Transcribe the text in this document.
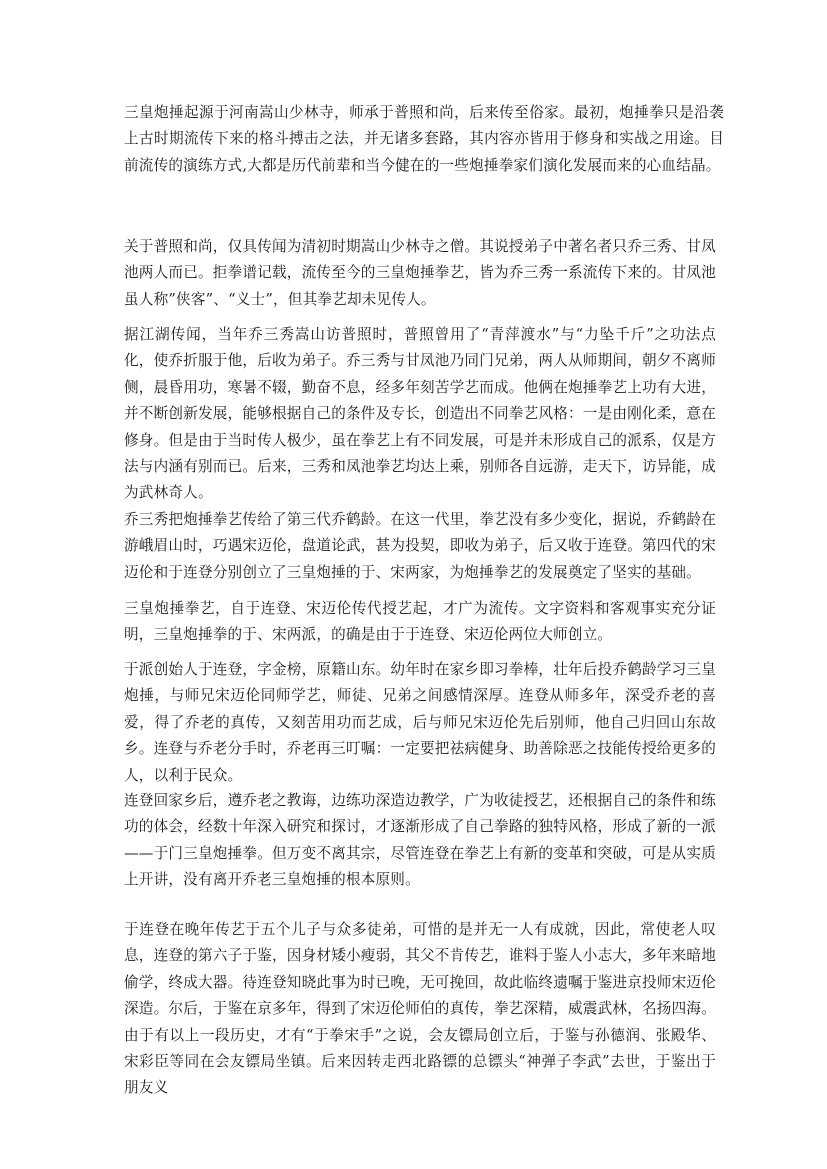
三皇炮捶起源于河南嵩山少林寺，师承于普照和尚，后来传至俗家。最初，炮捶拳只是沿袭上古时期流传下来的格斗搏击之法，并无诸多套路，其内容亦皆用于修身和实战之用途。目前流传的演练方式,大都是历代前辈和当今健在的一些炮捶拳家们演化发展而来的心血结晶。

关于普照和尚，仅具传闻为清初时期嵩山少林寺之僧。其说授弟子中著名者只乔三秀、甘凤池两人而已。拒拳谱记载，流传至今的三皇炮捶拳艺，皆为乔三秀一系流传下来的。甘凤池虽人称”侠客”、“义士”，但其拳艺却未见传人。

据江湖传闻，当年乔三秀嵩山访普照时，普照曾用了“青萍渡水”与“力坠千斤”之功法点化，使乔折服于他，后收为弟子。乔三秀与甘凤池乃同门兄弟，两人从师期间，朝夕不离师侧，晨昏用功，寒暑不辍，勤奋不息，经多年刻苦学艺而成。他俩在炮捶拳艺上功有大进，并不断创新发展，能够根据自己的条件及专长，创造出不同拳艺风格：一是由刚化柔，意在修身。但是由于当时传人极少，虽在拳艺上有不同发展，可是并未形成自己的派系，仅是方法与内涵有别而已。后来，三秀和凤池拳艺均达上乘，别师各自远游，走天下，访异能，成为武林奇人。

乔三秀把炮捶拳艺传给了第三代乔鹤龄。在这一代里，拳艺没有多少变化，据说，乔鹤龄在游峨眉山时，巧遇宋迈伦，盘道论武，甚为投契，即收为弟子，后又收于连登。第四代的宋迈伦和于连登分别创立了三皇炮捶的于、宋两家，为炮捶拳艺的发展奠定了坚实的基础。

三皇炮捶拳艺，自于连登、宋迈伦传代授艺起，才广为流传。文字资料和客观事实充分证明，三皇炮捶拳的于、宋两派，的确是由于于连登、宋迈伦两位大师创立。

于派创始人于连登，字金榜，原籍山东。幼年时在家乡即习拳棒，壮年后投乔鹤龄学习三皇炮捶，与师兄宋迈伦同师学艺，师徒、兄弟之间感情深厚。连登从师多年，深受乔老的喜爱，得了乔老的真传，又刻苦用功而艺成，后与师兄宋迈伦先后别师，他自己归回山东故乡。连登与乔老分手时，乔老再三叮嘱：一定要把祛病健身、助善除恶之技能传授给更多的人，以利于民众。

连登回家乡后，遵乔老之教诲，边练功深造边教学，广为收徒授艺，还根据自己的条件和练功的体会，经数十年深入研究和探讨，才逐渐形成了自己拳路的独特风格，形成了新的一派——于门三皇炮捶拳。但万变不离其宗，尽管连登在拳艺上有新的变革和突破，可是从实质上开讲，没有离开乔老三皇炮捶的根本原则。

于连登在晚年传艺于五个儿子与众多徒弟，可惜的是并无一人有成就，因此，常使老人叹息，连登的第六子于鉴，因身材矮小瘦弱，其父不肯传艺，谁料于鉴人小志大，多年来暗地偷学，终成大器。待连登知晓此事为时已晚，无可挽回，故此临终遗嘱于鉴进京投师宋迈伦深造。尔后，于鉴在京多年，得到了宋迈伦师伯的真传，拳艺深精，威震武林，名扬四海。由于有以上一段历史，才有“于拳宋手”之说，会友镖局创立后，于鉴与孙德润、张殿华、宋彩臣等同在会友镖局坐镇。后来因转走西北路镖的总镖头“神弹子李武”去世，于鉴出于朋友义
